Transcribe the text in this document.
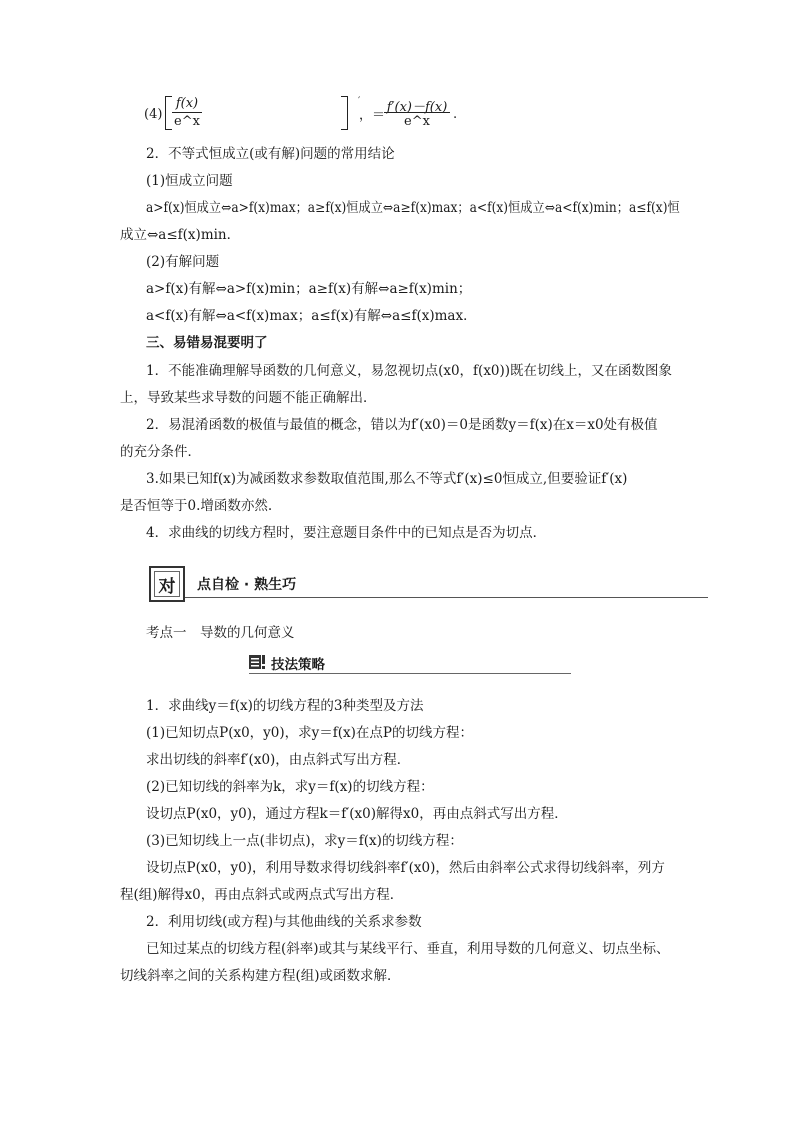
(4)
f(x)
e^x
′
， ＝
f′(x)－f(x)
e^x	.
2．不等式恒成立(或有解)问题的常用结论
(1)恒成立问题
a>f(x)恒成立⇔a>f(x)max；a≥f(x)恒成立⇔a≥f(x)max；a<f(x)恒成立⇔a<f(x)min；a≤f(x)恒
成立⇔a≤f(x)min．
(2)有解问题
a>f(x)有解⇔a>f(x)min；a≥f(x)有解⇔a≥f(x)min；
a<f(x)有解⇔a<f(x)max；a≤f(x)有解⇔a≤f(x)max．
三、易错易混要明了
1．不能准确理解导函数的几何意义，易忽视切点(x0，f(x0))既在切线上，又在函数图象
上，导致某些求导数的问题不能正确解出．
2．易混淆函数的极值与最值的概念，错以为f′(x0)＝0是函数y＝f(x)在x＝x0处有极值
的充分条件．
3.如果已知f(x)为减函数求参数取值范围,那么不等式f′(x)≤0恒成立,但要验证f′(x)
是否恒等于0.增函数亦然.
4．求曲线的切线方程时，要注意题目条件中的已知点是否为切点．
对	点自检 · 熟生巧
考点一　导数的几何意义
技法策略
1．求曲线y＝f(x)的切线方程的3种类型及方法
(1)已知切点P(x0，y0)，求y＝f(x)在点P的切线方程：
求出切线的斜率f′(x0)，由点斜式写出方程．
(2)已知切线的斜率为k，求y＝f(x)的切线方程：
设切点P(x0，y0)，通过方程k＝f′(x0)解得x0，再由点斜式写出方程．
(3)已知切线上一点(非切点)，求y＝f(x)的切线方程：
设切点P(x0，y0)，利用导数求得切线斜率f′(x0)，然后由斜率公式求得切线斜率，列方
程(组)解得x0，再由点斜式或两点式写出方程．
2．利用切线(或方程)与其他曲线的关系求参数
已知过某点的切线方程(斜率)或其与某线平行、垂直，利用导数的几何意义、切点坐标、
切线斜率之间的关系构建方程(组)或函数求解．
